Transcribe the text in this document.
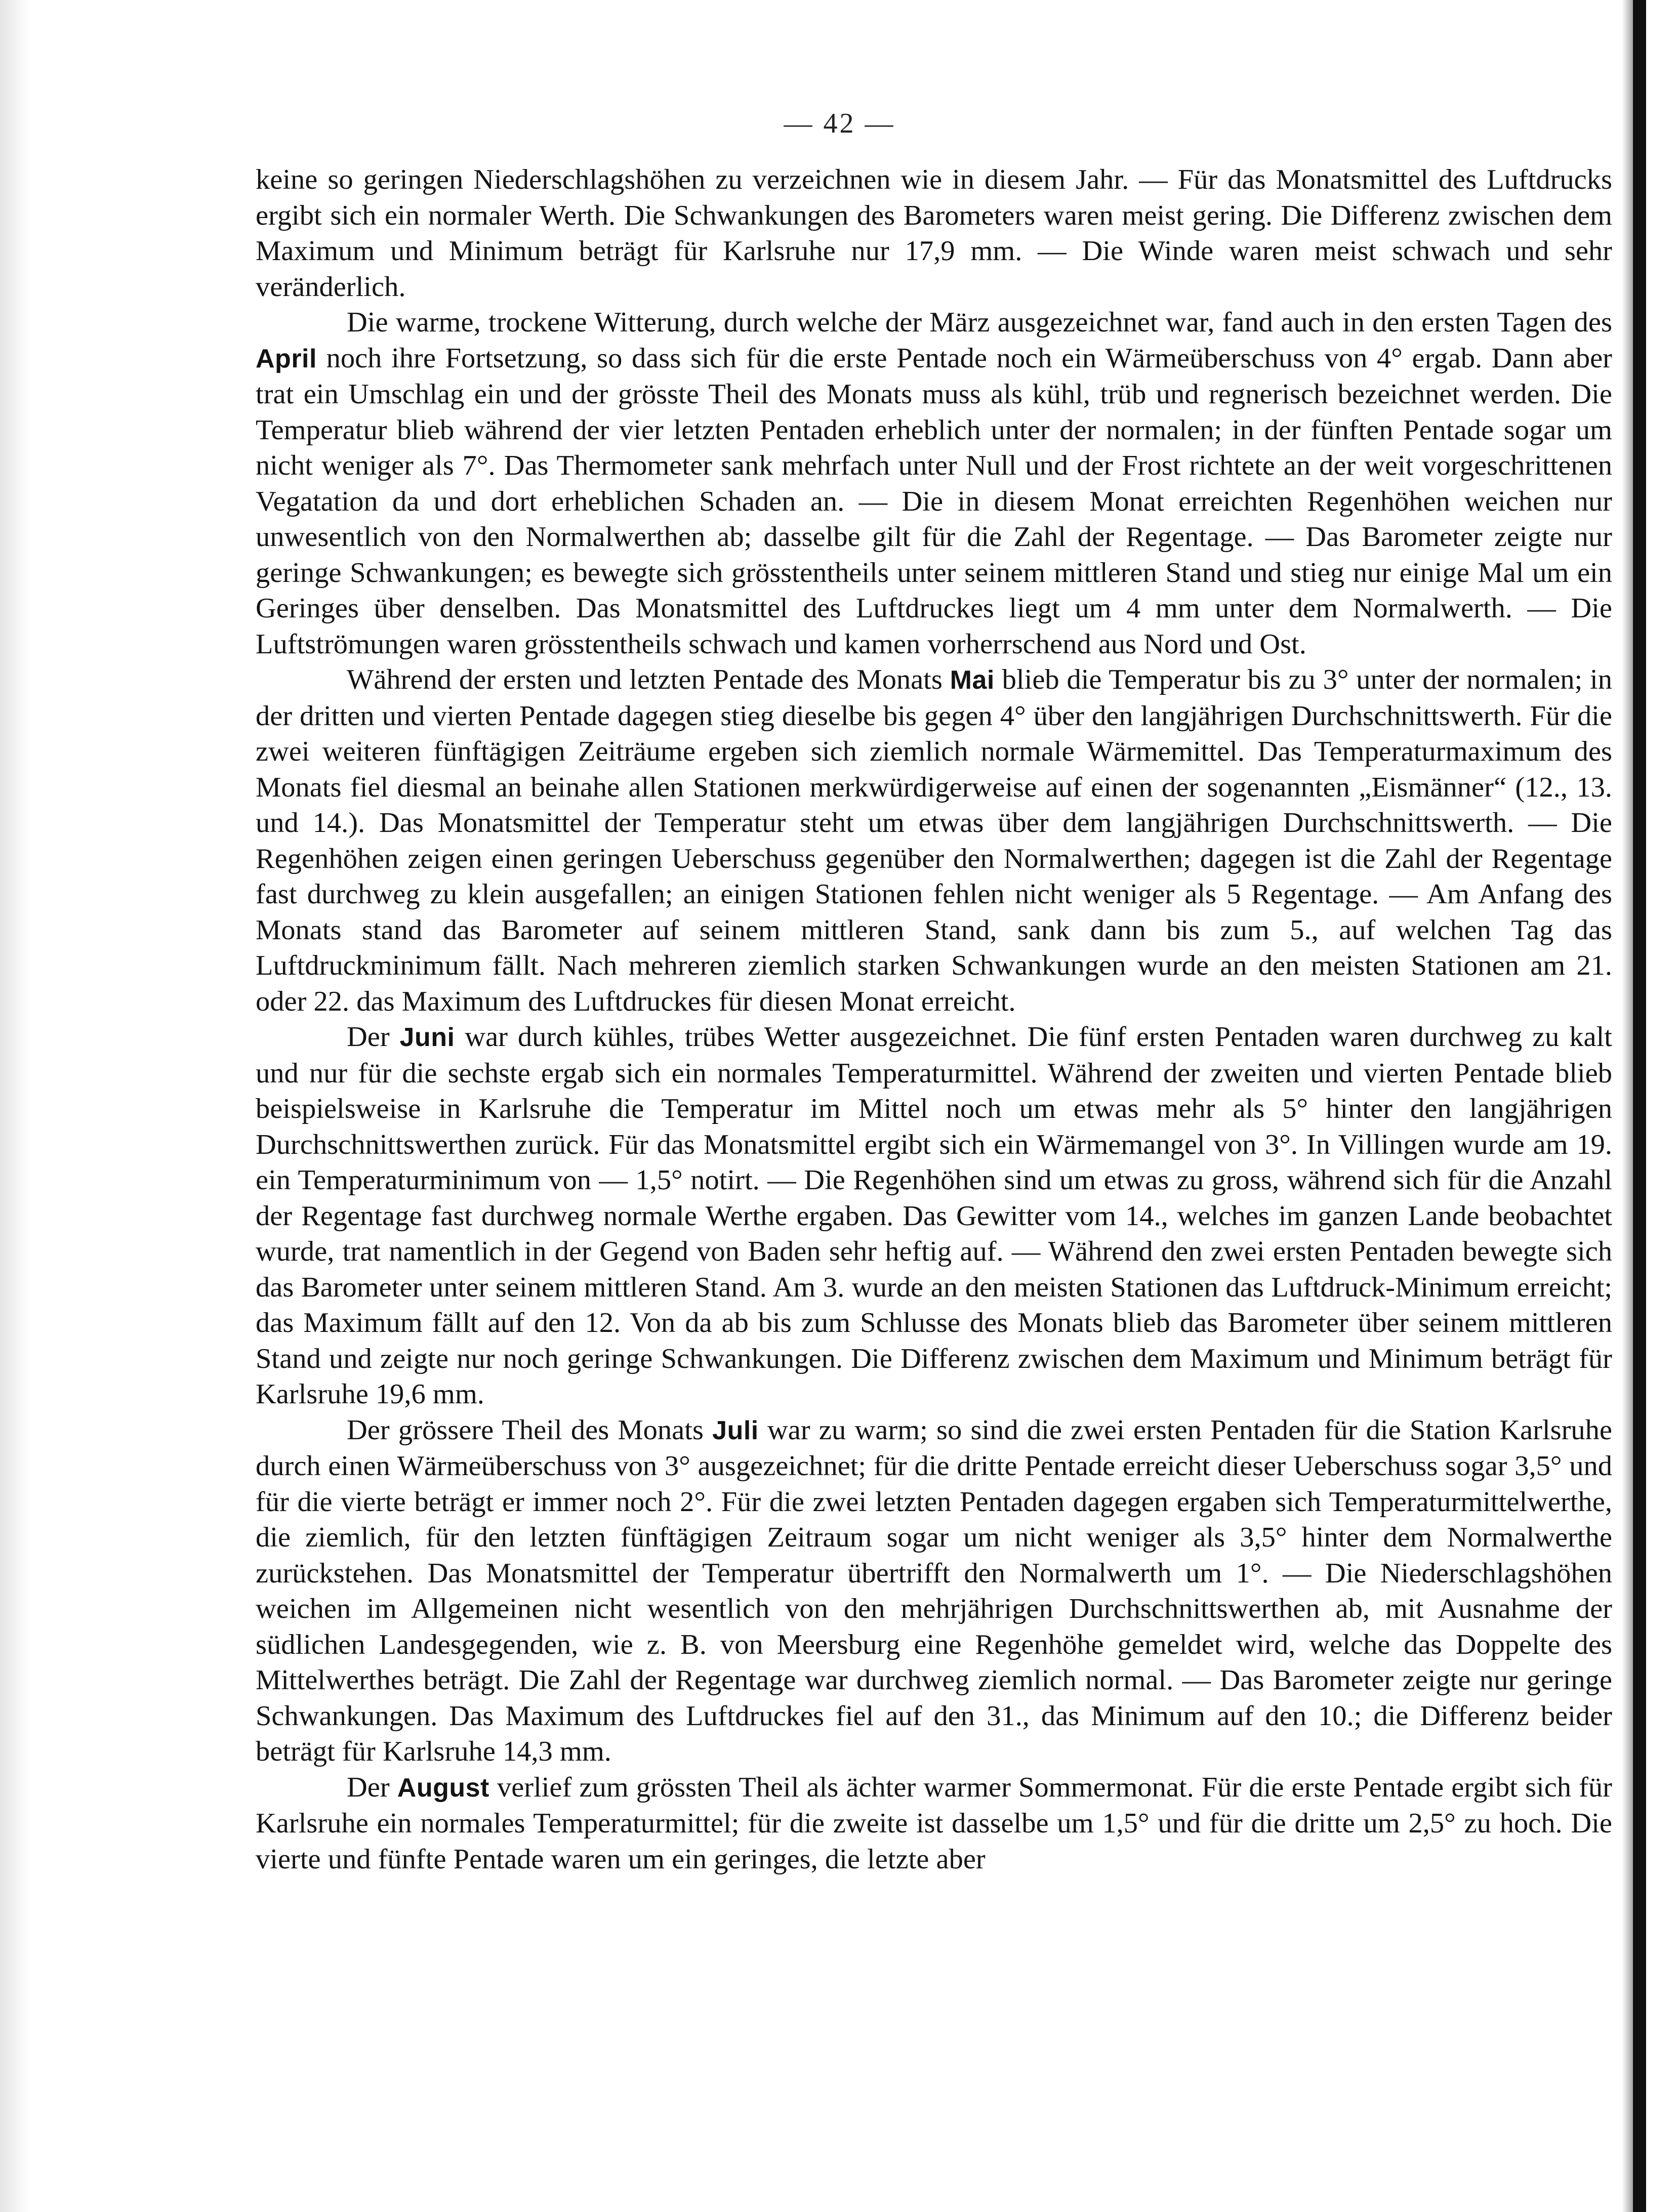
— 42 —

keine so geringen Niederschlagshöhen zu verzeichnen wie in diesem Jahr. — Für das Monatsmittel des Luftdrucks ergibt sich ein normaler Werth. Die Schwankungen des Barometers waren meist gering. Die Differenz zwischen dem Maximum und Minimum beträgt für Karlsruhe nur 17,9 mm. — Die Winde waren meist schwach und sehr veränderlich.

Die warme, trockene Witterung, durch welche der März ausgezeichnet war, fand auch in den ersten Tagen des April noch ihre Fortsetzung, so dass sich für die erste Pentade noch ein Wärmeüberschuss von 4° ergab. Dann aber trat ein Umschlag ein und der grösste Theil des Monats muss als kühl, trüb und regnerisch bezeichnet werden. Die Temperatur blieb während der vier letzten Pentaden erheblich unter der normalen; in der fünften Pentade sogar um nicht weniger als 7°. Das Thermometer sank mehrfach unter Null und der Frost richtete an der weit vorgeschrittenen Vegatation da und dort erheblichen Schaden an. — Die in diesem Monat erreichten Regenhöhen weichen nur unwesentlich von den Normalwerthen ab; dasselbe gilt für die Zahl der Regentage. — Das Barometer zeigte nur geringe Schwankungen; es bewegte sich grösstentheils unter seinem mittleren Stand und stieg nur einige Mal um ein Geringes über denselben. Das Monatsmittel des Luftdruckes liegt um 4 mm unter dem Normalwerth. — Die Luftströmungen waren grösstentheils schwach und kamen vorherrschend aus Nord und Ost.

Während der ersten und letzten Pentade des Monats Mai blieb die Temperatur bis zu 3° unter der normalen; in der dritten und vierten Pentade dagegen stieg dieselbe bis gegen 4° über den langjährigen Durchschnittswerth. Für die zwei weiteren fünftägigen Zeiträume ergeben sich ziemlich normale Wärmemittel. Das Temperaturmaximum des Monats fiel diesmal an beinahe allen Stationen merkwürdigerweise auf einen der sogenannten „Eismänner“ (12., 13. und 14.). Das Monatsmittel der Temperatur steht um etwas über dem langjährigen Durchschnittswerth. — Die Regenhöhen zeigen einen geringen Ueberschuss gegenüber den Normalwerthen; dagegen ist die Zahl der Regentage fast durchweg zu klein ausgefallen; an einigen Stationen fehlen nicht weniger als 5 Regentage. — Am Anfang des Monats stand das Barometer auf seinem mittleren Stand, sank dann bis zum 5., auf welchen Tag das Luftdruckminimum fällt. Nach mehreren ziemlich starken Schwankungen wurde an den meisten Stationen am 21. oder 22. das Maximum des Luftdruckes für diesen Monat erreicht.

Der Juni war durch kühles, trübes Wetter ausgezeichnet. Die fünf ersten Pentaden waren durchweg zu kalt und nur für die sechste ergab sich ein normales Temperaturmittel. Während der zweiten und vierten Pentade blieb beispielsweise in Karlsruhe die Temperatur im Mittel noch um etwas mehr als 5° hinter den langjährigen Durchschnittswerthen zurück. Für das Monatsmittel ergibt sich ein Wärmemangel von 3°. In Villingen wurde am 19. ein Temperaturminimum von — 1,5° notirt. — Die Regenhöhen sind um etwas zu gross, während sich für die Anzahl der Regentage fast durchweg normale Werthe ergaben. Das Gewitter vom 14., welches im ganzen Lande beobachtet wurde, trat namentlich in der Gegend von Baden sehr heftig auf. — Während den zwei ersten Pentaden bewegte sich das Barometer unter seinem mittleren Stand. Am 3. wurde an den meisten Stationen das Luftdruck-Minimum erreicht; das Maximum fällt auf den 12. Von da ab bis zum Schlusse des Monats blieb das Barometer über seinem mittleren Stand und zeigte nur noch geringe Schwankungen. Die Differenz zwischen dem Maximum und Minimum beträgt für Karlsruhe 19,6 mm.

Der grössere Theil des Monats Juli war zu warm; so sind die zwei ersten Pentaden für die Station Karlsruhe durch einen Wärmeüberschuss von 3° ausgezeichnet; für die dritte Pentade erreicht dieser Ueberschuss sogar 3,5° und für die vierte beträgt er immer noch 2°. Für die zwei letzten Pentaden dagegen ergaben sich Temperaturmittelwerthe, die ziemlich, für den letzten fünftägigen Zeitraum sogar um nicht weniger als 3,5° hinter dem Normalwerthe zurückstehen. Das Monatsmittel der Temperatur übertrifft den Normalwerth um 1°. — Die Niederschlagshöhen weichen im Allgemeinen nicht wesentlich von den mehrjährigen Durchschnittswerthen ab, mit Ausnahme der südlichen Landesgegenden, wie z. B. von Meersburg eine Regenhöhe gemeldet wird, welche das Doppelte des Mittelwerthes beträgt. Die Zahl der Regentage war durchweg ziemlich normal. — Das Barometer zeigte nur geringe Schwankungen. Das Maximum des Luftdruckes fiel auf den 31., das Minimum auf den 10.; die Differenz beider beträgt für Karlsruhe 14,3 mm.

Der August verlief zum grössten Theil als ächter warmer Sommermonat. Für die erste Pentade ergibt sich für Karlsruhe ein normales Temperaturmittel; für die zweite ist dasselbe um 1,5° und für die dritte um 2,5° zu hoch. Die vierte und fünfte Pentade waren um ein geringes, die letzte aber
